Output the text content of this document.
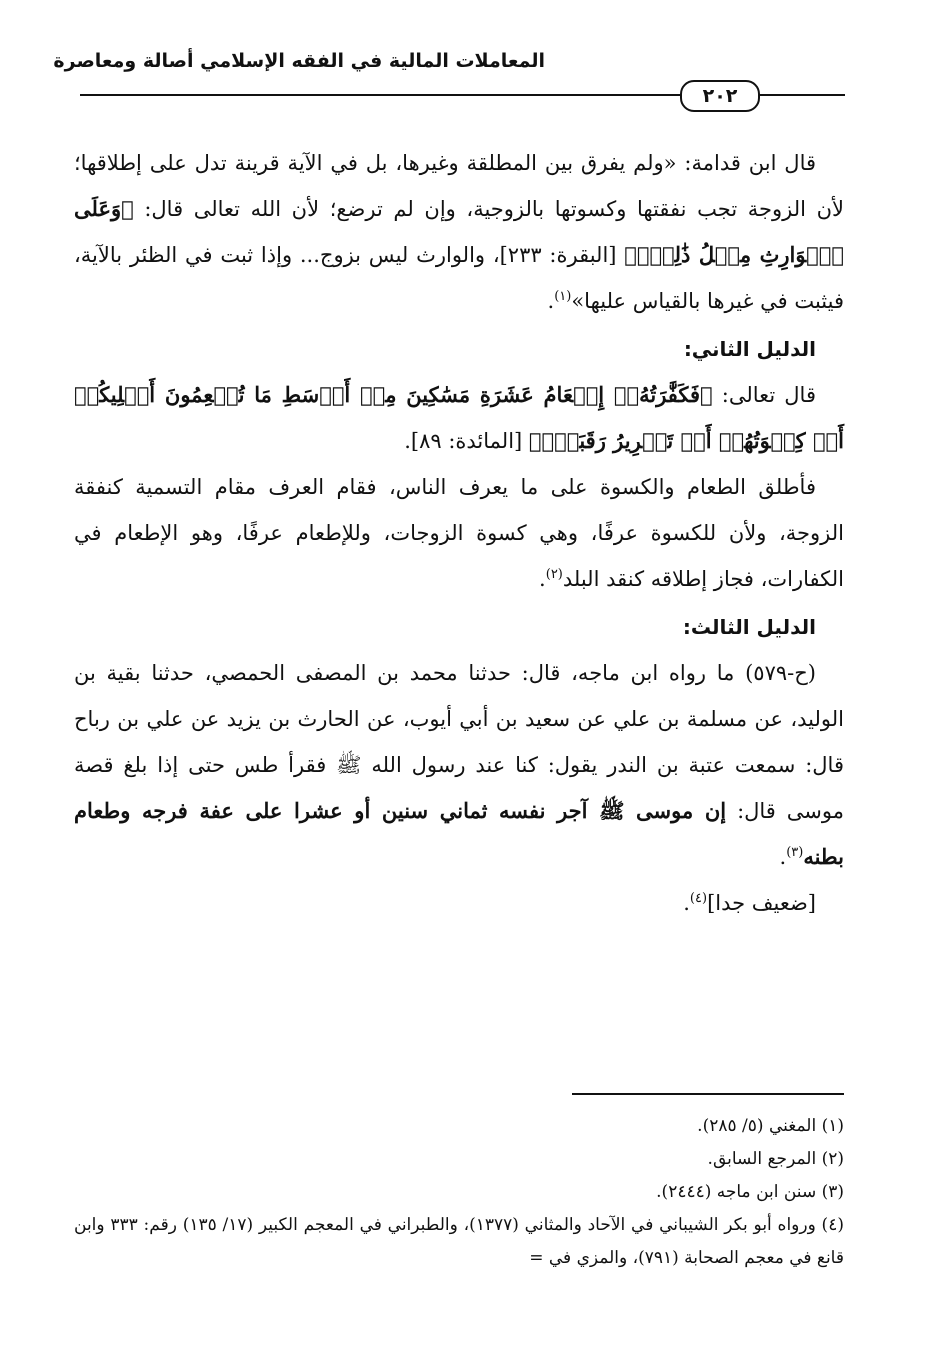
المعاملات المالية في الفقه الإسلامي أصالة ومعاصرة
٢٠٢

قال ابن قدامة: «ولم يفرق بين المطلقة وغيرها، بل في الآية قرينة تدل على إطلاقها؛ لأن الزوجة تجب نفقتها وكسوتها بالزوجية، وإن لم ترضع؛ لأن الله تعالى قال: ﴿وَعَلَى ٱلۡوَارِثِ مِثۡلُ ذَٰلِكَۗ﴾ [البقرة: ٢٣٣]، والوارث ليس بزوج... وإذا ثبت في الظئر بالآية، فيثبت في غيرها بالقياس عليها»$^{(١)}$.

الدليل الثاني:

قال تعالى: ﴿فَكَفَّٰرَتُهُۥٓ إِطۡعَامُ عَشَرَةِ مَسَٰكِينَ مِنۡ أَوۡسَطِ مَا تُطۡعِمُونَ أَهۡلِيكُمۡ أَوۡ كِسۡوَتُهُمۡ أَوۡ تَحۡرِيرُ رَقَبَةٖۖ﴾ [المائدة: ٨٩].

فأطلق الطعام والكسوة على ما يعرف الناس، فقام العرف مقام التسمية كنفقة الزوجة، ولأن للكسوة عرفًا، وهي كسوة الزوجات، وللإطعام عرفًا، وهو الإطعام في الكفارات، فجاز إطلاقه كنقد البلد$^{(٢)}$.

الدليل الثالث:

(ح-٥٧٩) ما رواه ابن ماجه، قال: حدثنا محمد بن المصفى الحمصي، حدثنا بقية بن الوليد، عن مسلمة بن علي عن سعيد بن أبي أيوب، عن الحارث بن يزيد عن علي بن رباح قال: سمعت عتبة بن الندر يقول: كنا عند رسول الله ﷺ فقرأ طس حتى إذا بلغ قصة موسى قال: إن موسى ﷺ آجر نفسه ثماني سنين أو عشرا على عفة فرجه وطعام بطنه$^{(٣)}$.

[ضعيف جدا]$^{(٤)}$.

(١) المغني (٥/ ٢٨٥).

(٢) المرجع السابق.

(٣) سنن ابن ماجه (٢٤٤٤).

(٤) ورواه أبو بكر الشيباني في الآحاد والمثاني (١٣٧٧)، والطبراني في المعجم الكبير (١٧/ ١٣٥) رقم: ٣٣٣ وابن قانع في معجم الصحابة (٧٩١)، والمزي في =
